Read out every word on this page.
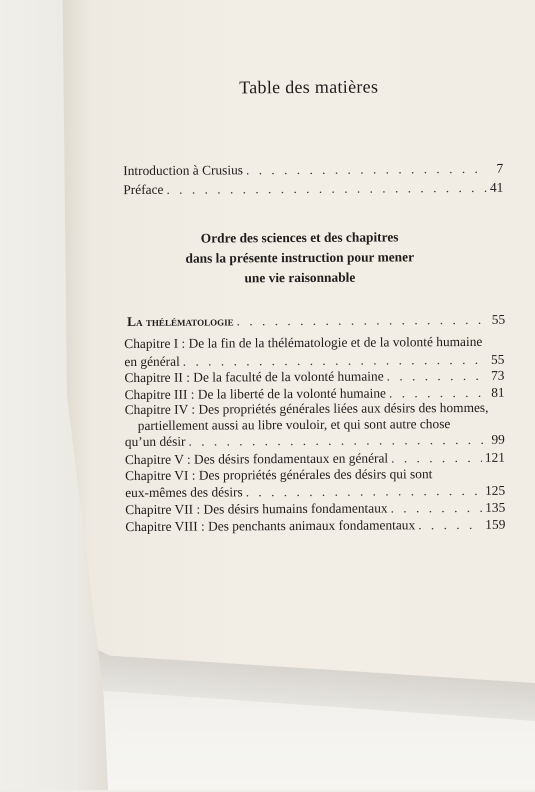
Table des matières
Introduction à Crusius . . .	7
Préface . . .	41
Ordre des sciences et des chapitres
dans la présente instruction pour mener
une vie raisonnable
La thélématologie . . .	55
Chapitre I : De la fin de la thélématologie et de la volonté humaine
en général . . .	55
Chapitre II : De la faculté de la volonté humaine . . .	73
Chapitre III : De la liberté de la volonté humaine . . .	81
Chapitre IV : Des propriétés générales liées aux désirs des hommes,
partiellement aussi au libre vouloir, et qui sont autre chose
qu’un désir . . .	99
Chapitre V : Des désirs fondamentaux en général . . .	121
Chapitre VI : Des propriétés générales des désirs qui sont
eux-mêmes des désirs . . .	125
Chapitre VII : Des désirs humains fondamentaux . . .	135
Chapitre VIII : Des penchants animaux fondamentaux . . .	159
